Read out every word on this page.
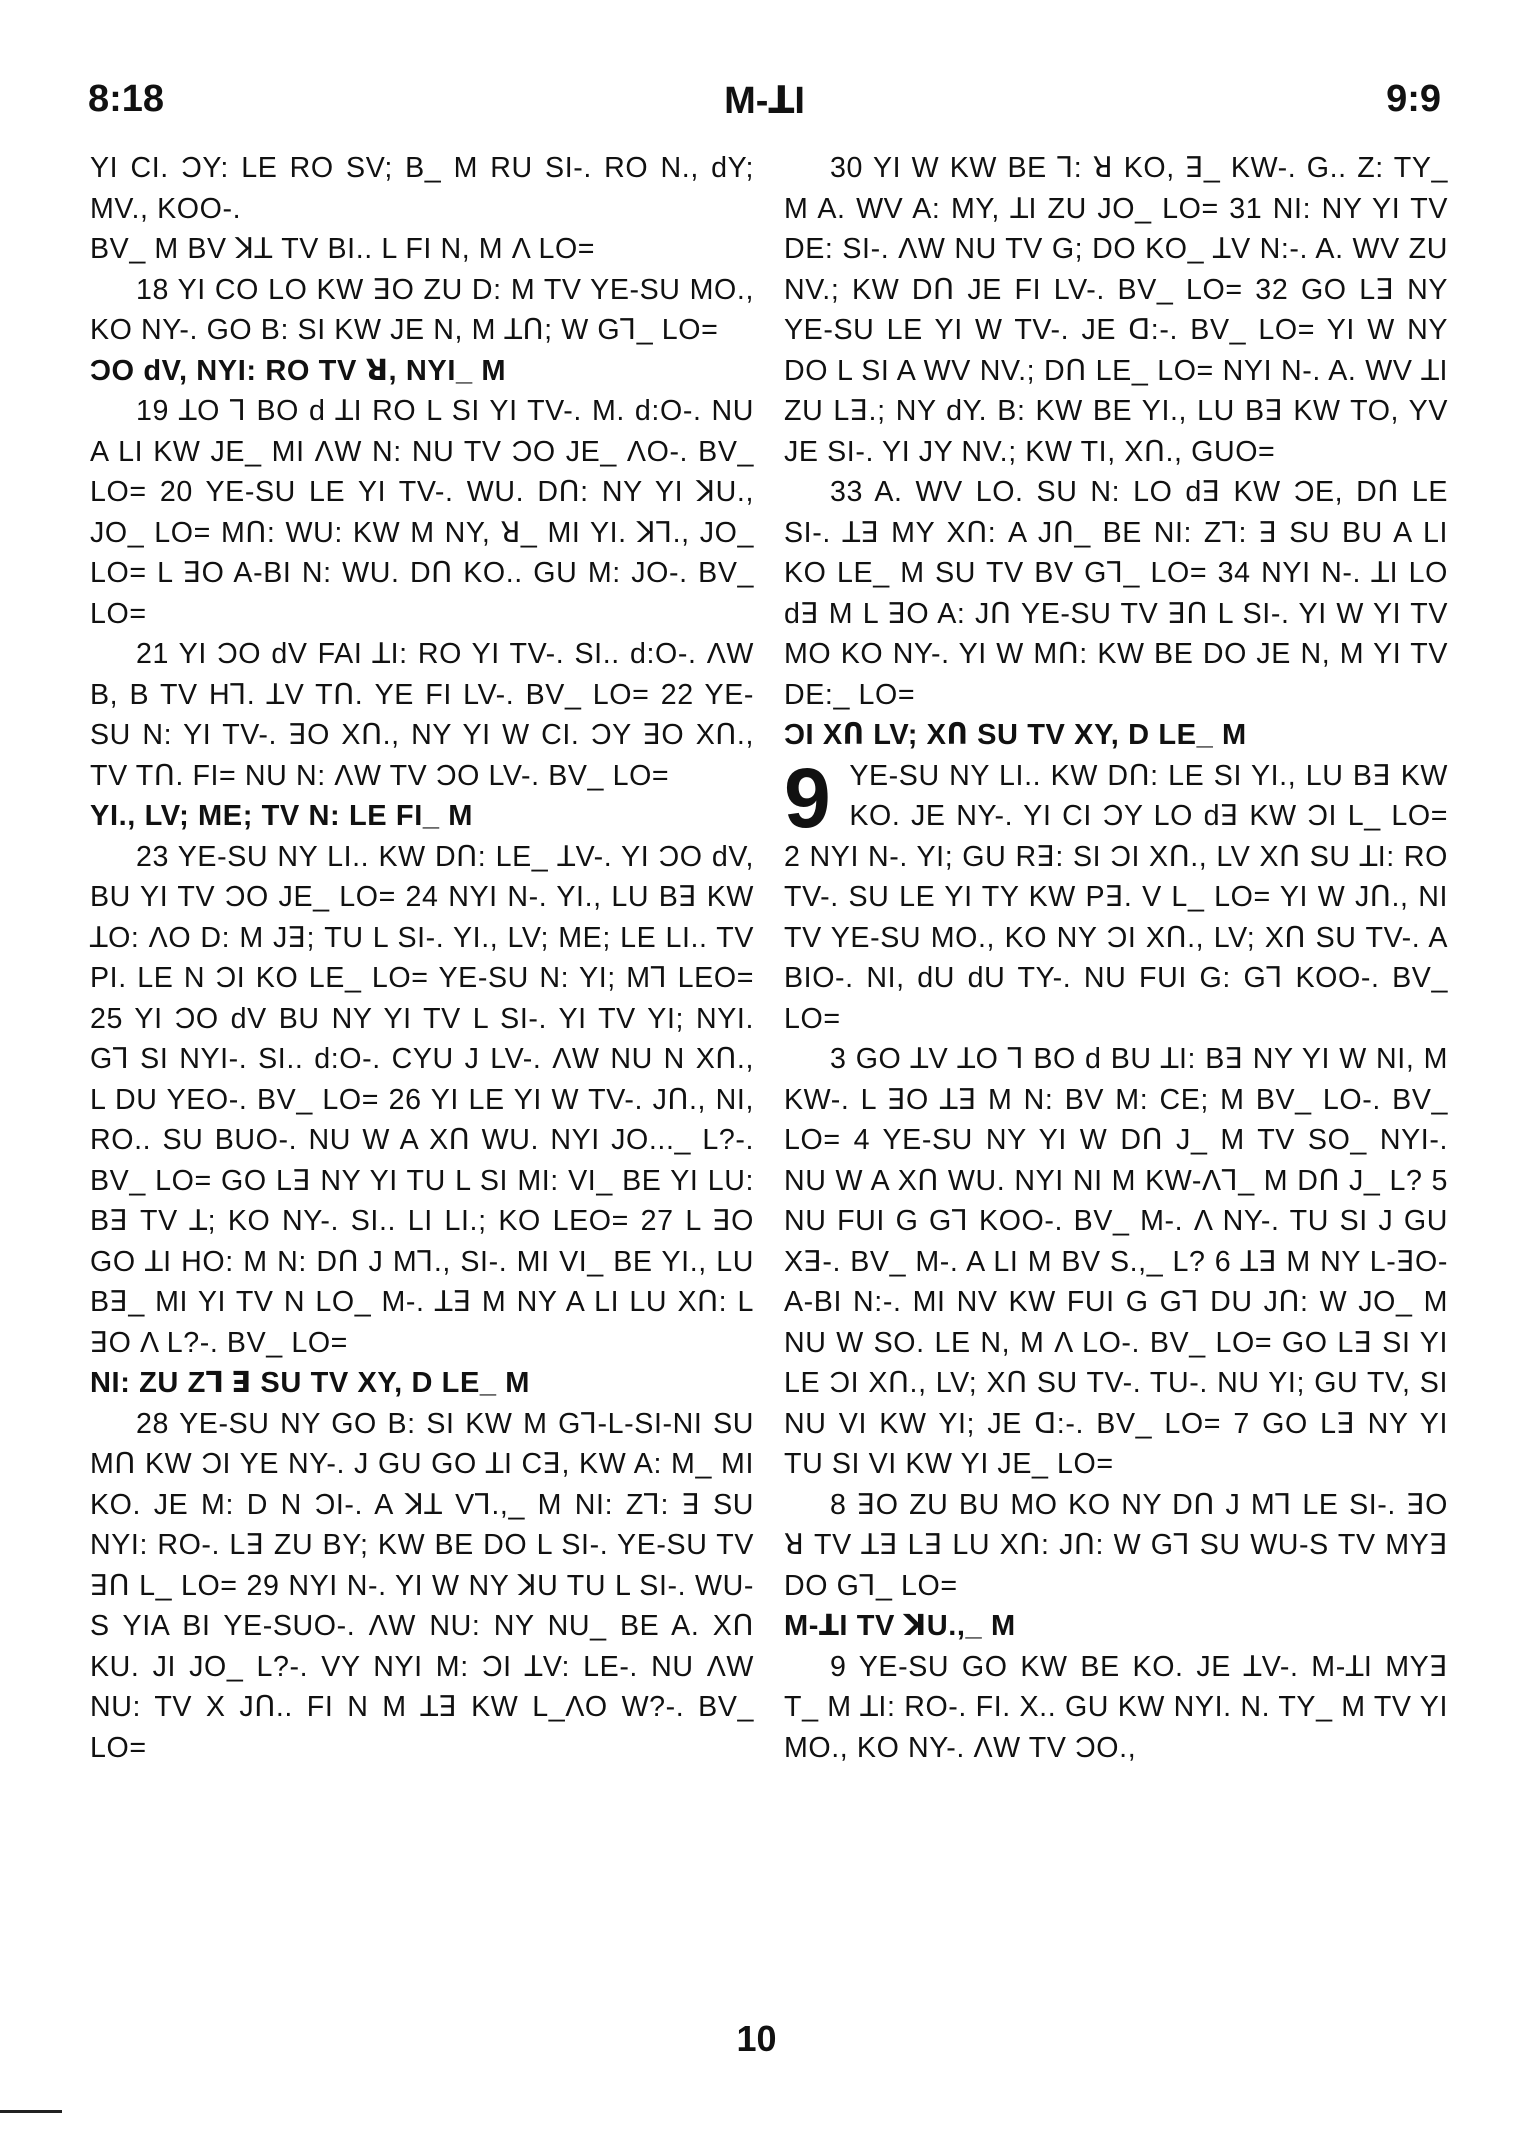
8:18	M-ꓕI	9:9

YI CI. ƆY: LE RO SV; B_ M RU SI-. RO N., ԁY; MV., KOO-.

BV_ M BV ꓘꓕ TV BI.. L FI N, M Λ LO=

18 YI CO LO KW ꓱO ZU D: M TV YE-SU MO., KO NY-. GO B: SI KW JE N, M ꓕՈ; W Gꓶ_ LO=

ƆO ԁV, NYI: RO TV ꓤ, NYI_ M

19 ꓕO ꓶ BO ԁ ꓕI RO L SI YI TV-. M. ԁ:O-. NU A LI KW JE_ MI ΛW N: NU TV ƆO JE_ ΛO-. BV_ LO= 20 YE-SU LE YI TV-. WU. DՈ: NY YI ꓘU., JO_ LO= MՈ: WU: KW M NY, ꓤ_ MI YI. ꓘꓶ., JO_ LO= L ꓱO A-BI N: WU. DՈ KO.. GU M: JO-. BV_ LO=

21 YI ƆO ԁV FAI ꓕI: RO YI TV-. SI.. ԁ:O-. ΛW B, B TV Hꓶ. ꓕV TՈ. YE FI LV-. BV_ LO= 22 YE-SU N: YI TV-. ꓱO XՈ., NY YI W CI. ƆY ꓱO XՈ., TV TՈ. FI= NU N: ΛW TV ƆO LV-. BV_ LO=

YI., LV; ME; TV N: LE FI_ M

23 YE-SU NY LI.. KW DՈ: LE_ ꓕV-. YI ƆO ԁV, BU YI TV ƆO JE_ LO= 24 NYI N-. YI., LU Bꓱ KW ꓕO: ΛO D: M Jꓱ; TU L SI-. YI., LV; ME; LE LI.. TV PI. LE N ƆI KO LE_ LO= YE-SU N: YI; Mꓶ LEO= 25 YI ƆO ԁV BU NY YI TV L SI-. YI TV YI; NYI. Gꓶ SI NYI-. SI.. ԁ:O-. CYU J LV-. ΛW NU N XՈ., L DU YEO-. BV_ LO= 26 YI LE YI W TV-. JՈ., NI, RO.. SU BUO-. NU W A XՈ WU. NYI JO..._ L?-. BV_ LO= GO Lꓱ NY YI TU L SI MI: VI_ BE YI LU: Bꓱ TV ꓕ; KO NY-. SI.. LI LI.; KO LEO= 27 L ꓱO GO ꓕI HO: M N: DՈ J Mꓶ., SI-. MI VI_ BE YI., LU Bꓱ_ MI YI TV N LO_ M-. ꓕꓱ M NY A LI LU XՈ: L ꓱO Λ L?-. BV_ LO=

NI: ZU Zꓶ ꓱ SU TV XY, D LE_ M

28 YE-SU NY GO B: SI KW M Gꓶ-L-SI-NI SU MՈ KW ƆI YE NY-. J GU GO ꓕI Cꓱ, KW A: M_ MI KO. JE M: D N ƆI-. A ꓘꓕ Vꓶ.,_ M NI: Zꓶ: ꓱ SU NYI: RO-. Lꓱ ZU BY; KW BE DO L SI-. YE-SU TV ꓱՈ L_ LO= 29 NYI N-. YI W NY ꓘU TU L SI-. WU-S YIA BI YE-SUO-. ΛW NU: NY NU_ BE A. XՈ KU. JI JO_ L?-. VY NYI M: ƆI ꓕV: LE-. NU ΛW NU: TV X JՈ.. FI N M ꓕꓱ KW L_ΛO W?-. BV_ LO=

30 YI W KW BE ꓶ: ꓤ KO, ꓱ_ KW-. G.. Z: TY_ M A. WV A: MY, ꓕI ZU JO_ LO= 31 NI: NY YI TV DE: SI-. ΛW NU TV G; DO KO_ ꓕV N:-. A. WV ZU NV.; KW DՈ JE FI LV-. BV_ LO= 32 GO Lꓱ NY YE-SU LE YI W TV-. JE ꓷ:-. BV_ LO= YI W NY DO L SI A WV NV.; DՈ LE_ LO= NYI N-. A. WV ꓕI ZU Lꓱ.; NY ԁY. B: KW BE YI., LU Bꓱ KW TO, YV JE SI-. YI JY NV.; KW TI, XՈ., GUO=

33 A. WV LO. SU N: LO ԁꓱ KW ƆE, DՈ LE SI-. ꓕꓱ MY XՈ: A JՈ_ BE NI: Zꓶ: ꓱ SU BU A LI KO LE_ M SU TV BV Gꓶ_ LO= 34 NYI N-. ꓕI LO ԁꓱ M L ꓱO A: JՈ YE-SU TV ꓱՈ L SI-. YI W YI TV MO KO NY-. YI W MՈ: KW BE DO JE N, M YI TV DE:_ LO=

ƆI XՈ LV; XՈ SU TV XY, D LE_ M

9 YE-SU NY LI.. KW DՈ: LE SI YI., LU Bꓱ KW KO. JE NY-. YI CI ƆY LO ԁꓱ KW ƆI L_ LO= 2 NYI N-. YI; GU Rꓱ: SI ƆI XՈ., LV XՈ SU ꓕI: RO TV-. SU LE YI TY KW Pꓱ. V L_ LO= YI W JՈ., NI TV YE-SU MO., KO NY ƆI XՈ., LV; XՈ SU TV-. A BIO-. NI, ԁU ԁU TY-. NU FUI G: Gꓶ KOO-. BV_ LO=

3 GO ꓕV ꓕO ꓶ BO ԁ BU ꓕI: Bꓱ NY YI W NI, M KW-. L ꓱO ꓕꓱ M N: BV M: CE; M BV_ LO-. BV_ LO= 4 YE-SU NY YI W DՈ J_ M TV SO_ NYI-. NU W A XՈ WU. NYI NI M KW-Λꓶ_ M DՈ J_ L? 5 NU FUI G Gꓶ KOO-. BV_ M-. Λ NY-. TU SI J GU Xꓱ-. BV_ M-. A LI M BV S.,_ L? 6 ꓕꓱ M NY L-ꓱO-A-BI N:-. MI NV KW FUI G Gꓶ DU JՈ: W JO_ M NU W SO. LE N, M Λ LO-. BV_ LO= GO Lꓱ SI YI LE ƆI XՈ., LV; XՈ SU TV-. TU-. NU YI; GU TV, SI NU VI KW YI; JE ꓷ:-. BV_ LO= 7 GO Lꓱ NY YI TU SI VI KW YI JE_ LO=

8 ꓱO ZU BU MO KO NY DՈ J Mꓶ LE SI-. ꓱO ꓤ TV ꓕꓱ Lꓱ LU XՈ: JՈ: W Gꓶ SU WU-S TV MYꓱ DO Gꓶ_ LO=

M-ꓕI TV ꓘU.,_ M

9 YE-SU GO KW BE KO. JE ꓕV-. M-ꓕI MYꓱ T_ M ꓕI: RO-. FI. X.. GU KW NYI. N. TY_ M TV YI MO., KO NY-. ΛW TV ƆO.,

10
